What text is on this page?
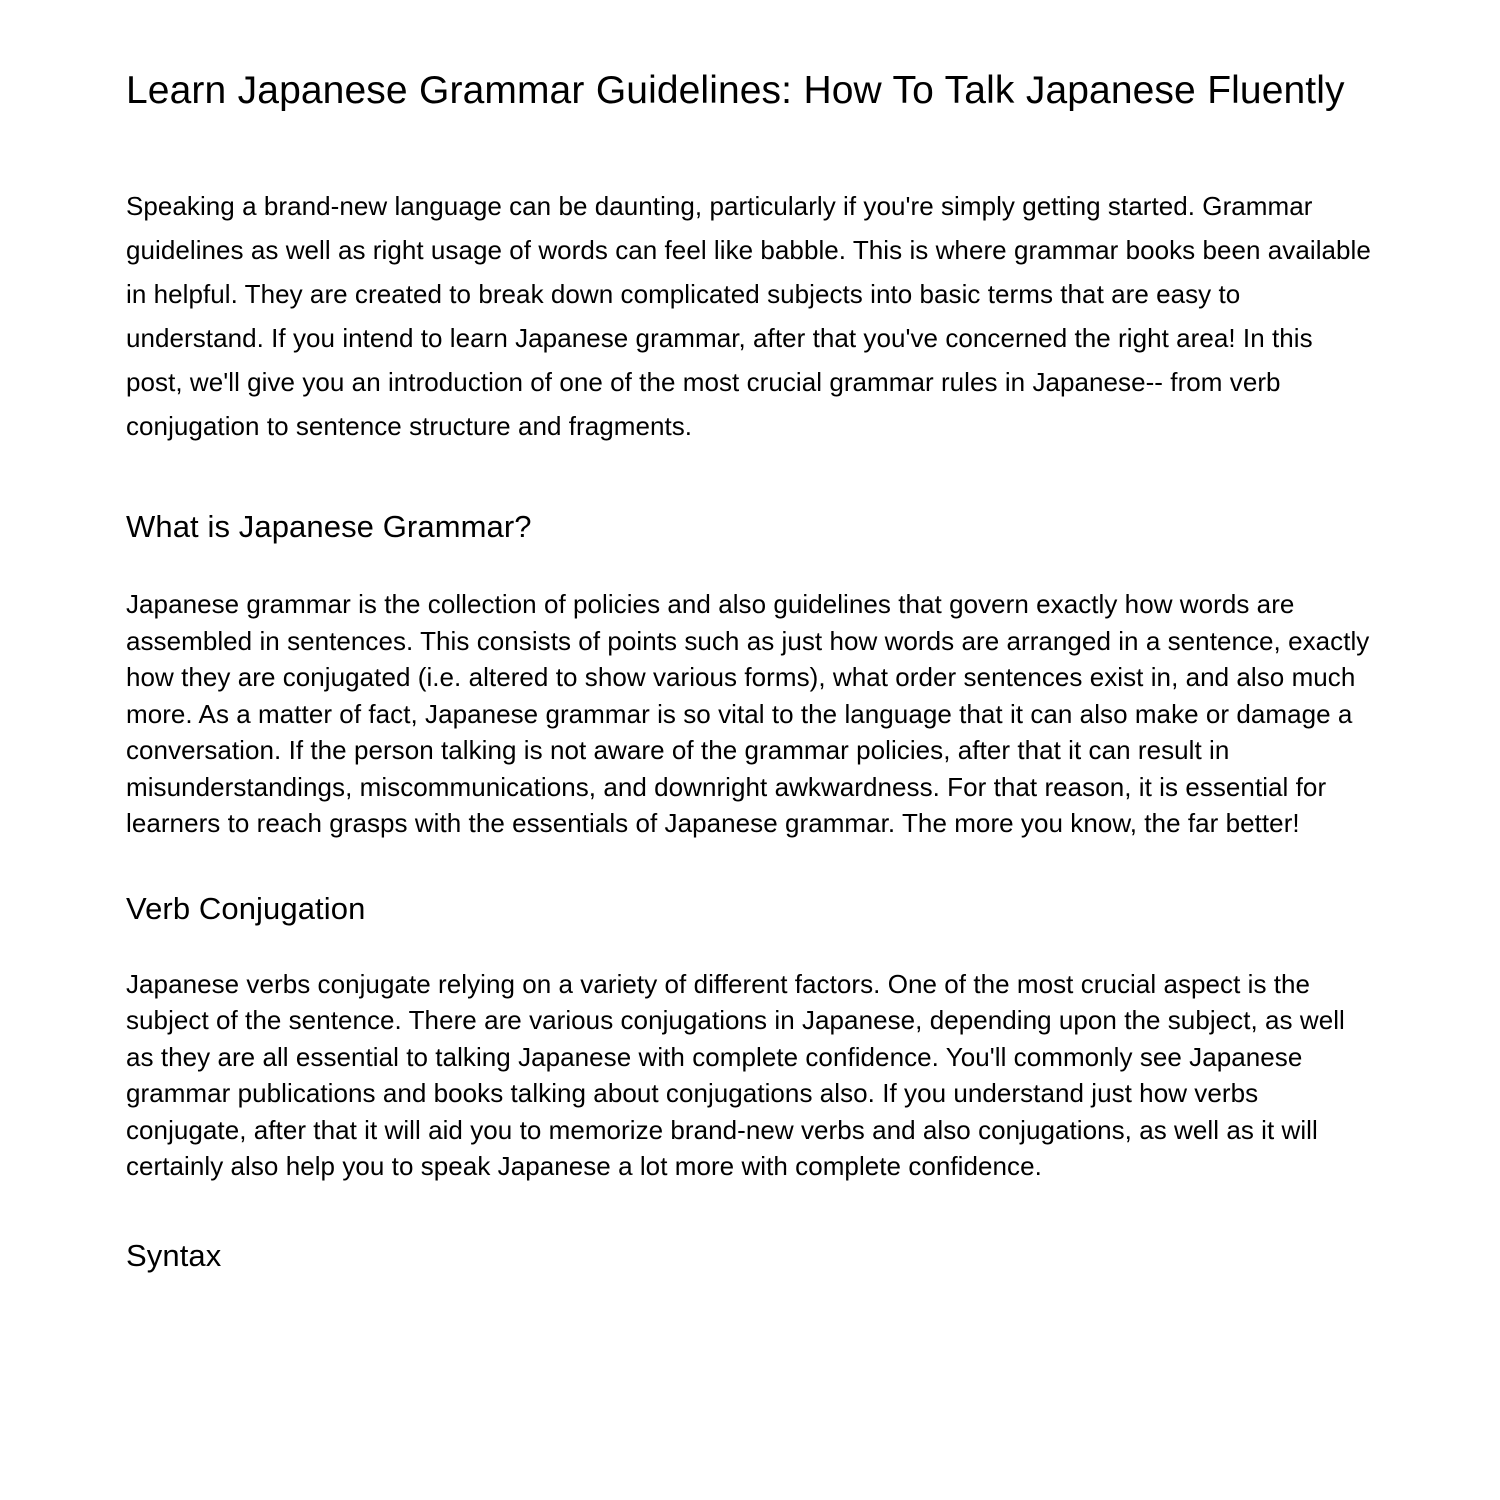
Learn Japanese Grammar Guidelines: How To Talk Japanese Fluently

Speaking a brand-new language can be daunting, particularly if you're simply getting started. Grammar guidelines as well as right usage of words can feel like babble. This is where grammar books been available in helpful. They are created to break down complicated subjects into basic terms that are easy to understand. If you intend to learn Japanese grammar, after that you've concerned the right area! In this post, we'll give you an introduction of one of the most crucial grammar rules in Japanese-- from verb conjugation to sentence structure and fragments.

What is Japanese Grammar?

Japanese grammar is the collection of policies and also guidelines that govern exactly how words are assembled in sentences. This consists of points such as just how words are arranged in a sentence, exactly how they are conjugated (i.e. altered to show various forms), what order sentences exist in, and also much more. As a matter of fact, Japanese grammar is so vital to the language that it can also make or damage a conversation. If the person talking is not aware of the grammar policies, after that it can result in misunderstandings, miscommunications, and downright awkwardness. For that reason, it is essential for learners to reach grasps with the essentials of Japanese grammar. The more you know, the far better!

Verb Conjugation

Japanese verbs conjugate relying on a variety of different factors. One of the most crucial aspect is the subject of the sentence. There are various conjugations in Japanese, depending upon the subject, as well as they are all essential to talking Japanese with complete confidence. You'll commonly see Japanese grammar publications and books talking about conjugations also. If you understand just how verbs conjugate, after that it will aid you to memorize brand-new verbs and also conjugations, as well as it will certainly also help you to speak Japanese a lot more with complete confidence.

Syntax
